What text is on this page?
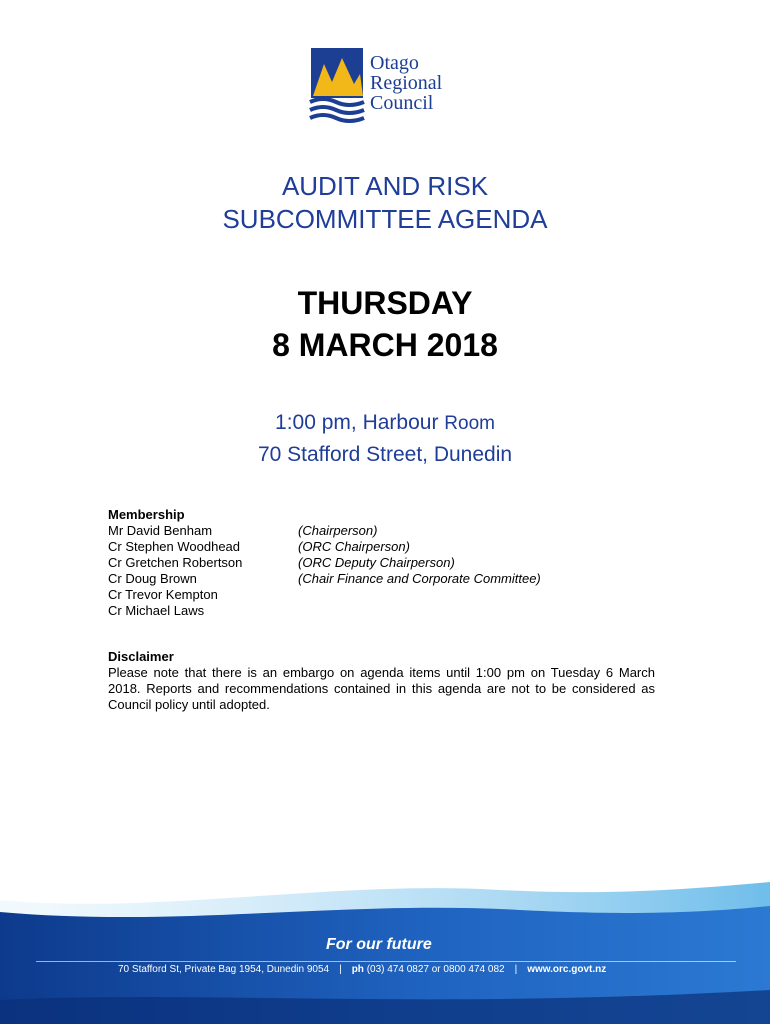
Otago
Regional
Council
AUDIT AND RISK
SUBCOMMITTEE AGENDA
THURSDAY
8 MARCH 2018
1:00 pm, Harbour Room
70 Stafford Street, Dunedin
Membership
Mr David Benham	(Chairperson)
Cr Stephen Woodhead	(ORC Chairperson)
Cr Gretchen Robertson	(ORC Deputy Chairperson)
Cr Doug Brown	(Chair Finance and Corporate Committee)
Cr Trevor Kempton
Cr Michael Laws
Disclaimer

Please note that there is an embargo on agenda items until 1:00 pm on Tuesday 6 March 2018. Reports and recommendations contained in this agenda are not to be considered as Council policy until adopted.

For our future
70 Stafford St, Private Bag 1954, Dunedin 9054 | ph (03) 474 0827 or 0800 474 082 | www.orc.govt.nz
